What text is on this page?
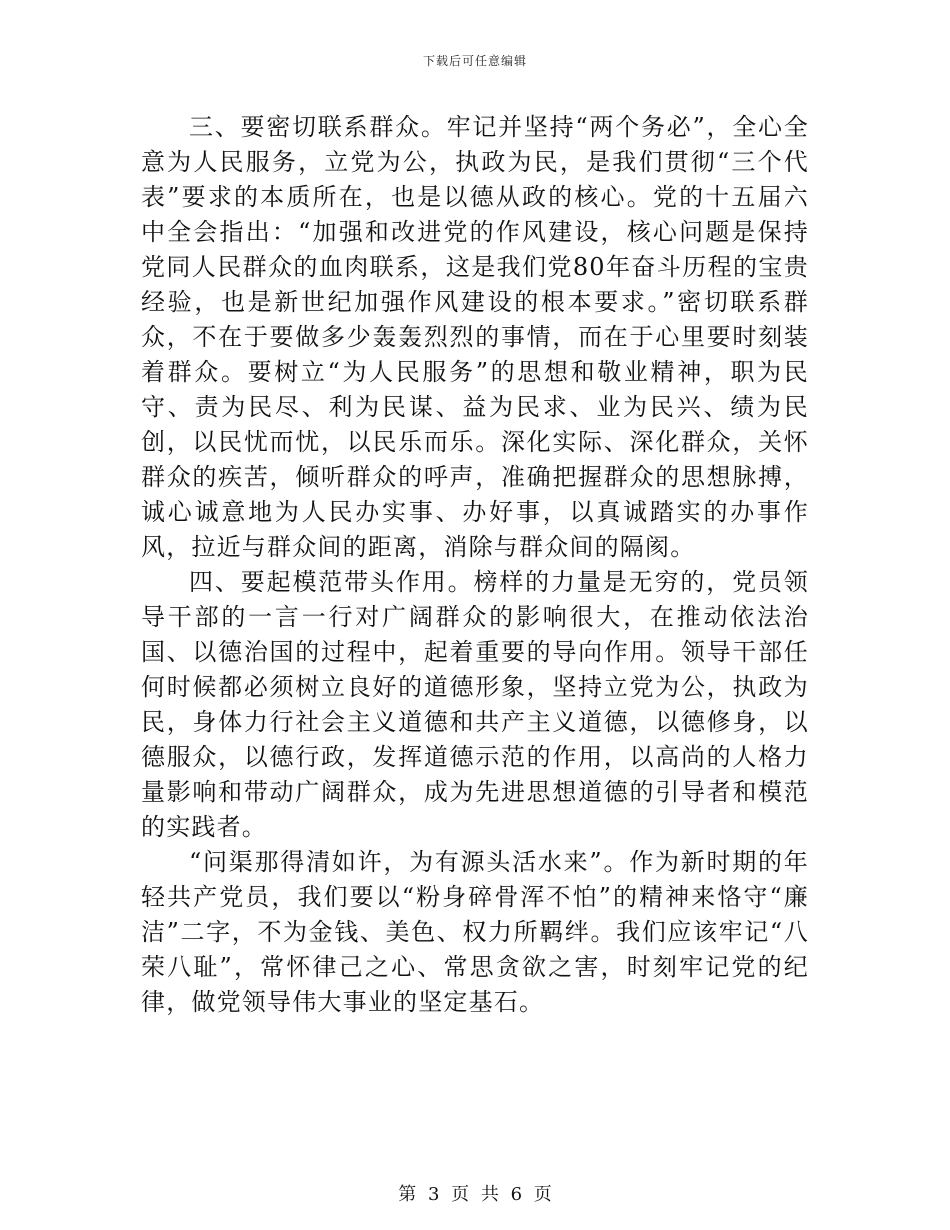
下载后可任意编辑

三、要密切联系群众。牢记并坚持“两个务必”，全心全意为人民服务，立党为公，执政为民，是我们贯彻“三个代表”要求的本质所在，也是以德从政的核心。党的十五届六中全会指出：“加强和改进党的作风建设，核心问题是保持党同人民群众的血肉联系，这是我们党80年奋斗历程的宝贵经验，也是新世纪加强作风建设的根本要求。”密切联系群众，不在于要做多少轰轰烈烈的事情，而在于心里要时刻装着群众。要树立“为人民服务”的思想和敬业精神，职为民守、责为民尽、利为民谋、益为民求、业为民兴、绩为民创，以民忧而忧，以民乐而乐。深化实际、深化群众，关怀群众的疾苦，倾听群众的呼声，准确把握群众的思想脉搏，诚心诚意地为人民办实事、办好事，以真诚踏实的办事作风，拉近与群众间的距离，消除与群众间的隔阂。

四、要起模范带头作用。榜样的力量是无穷的，党员领导干部的一言一行对广阔群众的影响很大，在推动依法治国、以德治国的过程中，起着重要的导向作用。领导干部任何时候都必须树立良好的道德形象，坚持立党为公，执政为民，身体力行社会主义道德和共产主义道德，以德修身，以德服众，以德行政，发挥道德示范的作用，以高尚的人格力量影响和带动广阔群众，成为先进思想道德的引导者和模范的实践者。

“问渠那得清如许，为有源头活水来”。作为新时期的年轻共产党员，我们要以“粉身碎骨浑不怕”的精神来恪守“廉洁”二字，不为金钱、美色、权力所羁绊。我们应该牢记“八荣八耻”，常怀律己之心、常思贪欲之害，时刻牢记党的纪律，做党领导伟大事业的坚定基石。

第 3 页 共 6 页
